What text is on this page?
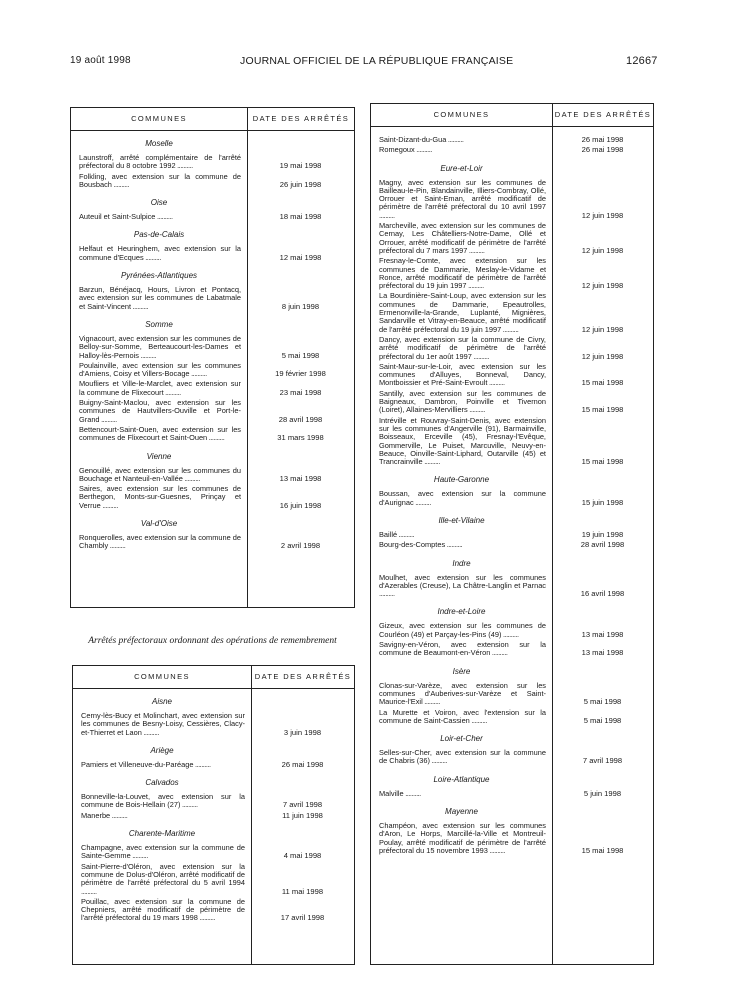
19 août 1998	JOURNAL OFFICIEL DE LA RÉPUBLIQUE FRANÇAISE	12667
COMMUNES	DATE DES ARRÊTÉS
Moselle
Launstroff, arrêté complémentaire de l'arrêté préfectoral du 8 octobre 1992 ..........	19 mai 1998
Folkling, avec extension sur la commune de Bousbach ..........	26 juin 1998
Oise
Auteuil et Saint-Sulpice ..........	18 mai 1998
Pas-de-Calais
Helfaut et Heuringhem, avec extension sur la commune d'Ecques ..........	12 mai 1998
Pyrénées-Atlantiques
Barzun, Bénéjacq, Hours, Livron et Pontacq, avec extension sur les communes de Labatmale et Saint-Vincent ..........	8 juin 1998
Somme
Vignacourt, avec extension sur les communes de Belloy-sur-Somme, Berteaucourt-les-Dames et Halloy-lès-Pernois ..........	5 mai 1998
Poulainville, avec extension sur les communes d'Amiens, Coisy et Villers-Bocage ..........	19 février 1998
Moufliers et Ville-le-Marclet, avec extension sur la commune de Flixecourt ..........	23 mai 1998
Buigny-Saint-Maclou, avec extension sur les communes de Hautvillers-Ouville et Port-le-Grand ..........	28 avril 1998
Bettencourt-Saint-Ouen, avec extension sur les communes de Flixecourt et Saint-Ouen ..........	31 mars 1998
Vienne
Genouillé, avec extension sur les communes du Bouchage et Nanteuil-en-Vallée ..........	13 mai 1998
Saires, avec extension sur les communes de Berthegon, Monts-sur-Guesnes, Prinçay et Verrue ..........	16 juin 1998
Val-d'Oise
Ronquerolles, avec extension sur la commune de Chambly ..........	2 avril 1998
Arrêtés préfectoraux ordonnant des opérations de remembrement
COMMUNES	DATE DES ARRÊTÉS
Aisne
Cerny-lès-Bucy et Molinchart, avec extension sur les communes de Besny-Loisy, Cessières, Clacy-et-Thierret et Laon ..........	3 juin 1998
Ariège
Pamiers et Villeneuve-du-Paréage ..........	26 mai 1998
Calvados
Bonneville-la-Louvet, avec extension sur la commune de Bois-Hellain (27) ..........	7 avril 1998
Manerbe ..........	11 juin 1998
Charente-Maritime
Champagne, avec extension sur la commune de Sainte-Gemme ..........	4 mai 1998
Saint-Pierre-d'Oléron, avec extension sur la commune de Dolus-d'Oléron, arrêté modificatif de périmètre de l'arrêté préfectoral du 5 avril 1994 ..........	11 mai 1998
Pouillac, avec extension sur la commune de Chepniers, arrêté modificatif de périmètre de l'arrêté préfectoral du 19 mars 1998 ..........	17 avril 1998
COMMUNES	DATE DES ARRÊTÉS
Saint-Dizant-du-Gua ..........	26 mai 1998
Romegoux ..........	26 mai 1998
Eure-et-Loir
Magny, avec extension sur les communes de Bailleau-le-Pin, Blandainville, Illiers-Combray, Ollé, Orrouer et Saint-Eman, arrêté modificatif de périmètre de l'arrêté préfectoral du 10 avril 1997 ..........	12 juin 1998
Marcheville, avec extension sur les communes de Cernay, Les Châtelliers-Notre-Dame, Ollé et Orrouer, arrêté modificatif de périmètre de l'arrêté préfectoral du 7 mars 1997 ..........	12 juin 1998
Fresnay-le-Comte, avec extension sur les communes de Dammarie, Meslay-le-Vidame et Ronce, arrêté modificatif de périmètre de l'arrêté préfectoral du 19 juin 1997 ..........	12 juin 1998
La Bourdinière-Saint-Loup, avec extension sur les communes de Dammarie, Epeautrolles, Ermenonville-la-Grande, Luplanté, Mignières, Sandarville et Vitray-en-Beauce, arrêté modificatif de l'arrêté préfectoral du 19 juin 1997 ..........	12 juin 1998
Dancy, avec extension sur la commune de Civry, arrêté modificatif de périmètre de l'arrêté préfectoral du 1er août 1997 ..........	12 juin 1998
Saint-Maur-sur-le-Loir, avec extension sur les communes d'Alluyes, Bonneval, Dancy, Montboissier et Pré-Saint-Evroult ..........	15 mai 1998
Santilly, avec extension sur les communes de Baigneaux, Dambron, Poinville et Tivernon (Loiret), Allaines-Mervilliers ..........	15 mai 1998
Intréville et Rouvray-Saint-Denis, avec extension sur les communes d'Angerville (91), Barmainville, Boisseaux, Erceville (45), Fresnay-l'Evêque, Gommerville, Le Puiset, Marcuville, Neuvy-en-Beauce, Oinville-Saint-Liphard, Outarville (45) et Trancrainville ..........	15 mai 1998
Haute-Garonne
Boussan, avec extension sur la commune d'Aurignac ..........	15 juin 1998
Ille-et-Vilaine
Baillé ..........	19 juin 1998
Bourg-des-Comptes ..........	28 avril 1998
Indre
Moulhet, avec extension sur les communes d'Azerables (Creuse), La Châtre-Langlin et Parnac ..........	16 avril 1998
Indre-et-Loire
Gizeux, avec extension sur les communes de Courléon (49) et Parçay-les-Pins (49) ..........	13 mai 1998
Savigny-en-Véron, avec extension sur la commune de Beaumont-en-Véron ..........	13 mai 1998
Isère
Clonas-sur-Varèze, avec extension sur les communes d'Auberives-sur-Varèze et Saint-Maurice-l'Exil ..........	5 mai 1998
La Murette et Voiron, avec l'extension sur la commune de Saint-Cassien ..........	5 mai 1998
Loir-et-Cher
Selles-sur-Cher, avec extension sur la commune de Chabris (36) ..........	7 avril 1998
Loire-Atlantique
Malville ..........	5 juin 1998
Mayenne
Champéon, avec extension sur les communes d'Aron, Le Horps, Marcillé-la-Ville et Montreuil-Poulay, arrêté modificatif de périmètre de l'arrêté préfectoral du 15 novembre 1993 ..........	15 mai 1998
